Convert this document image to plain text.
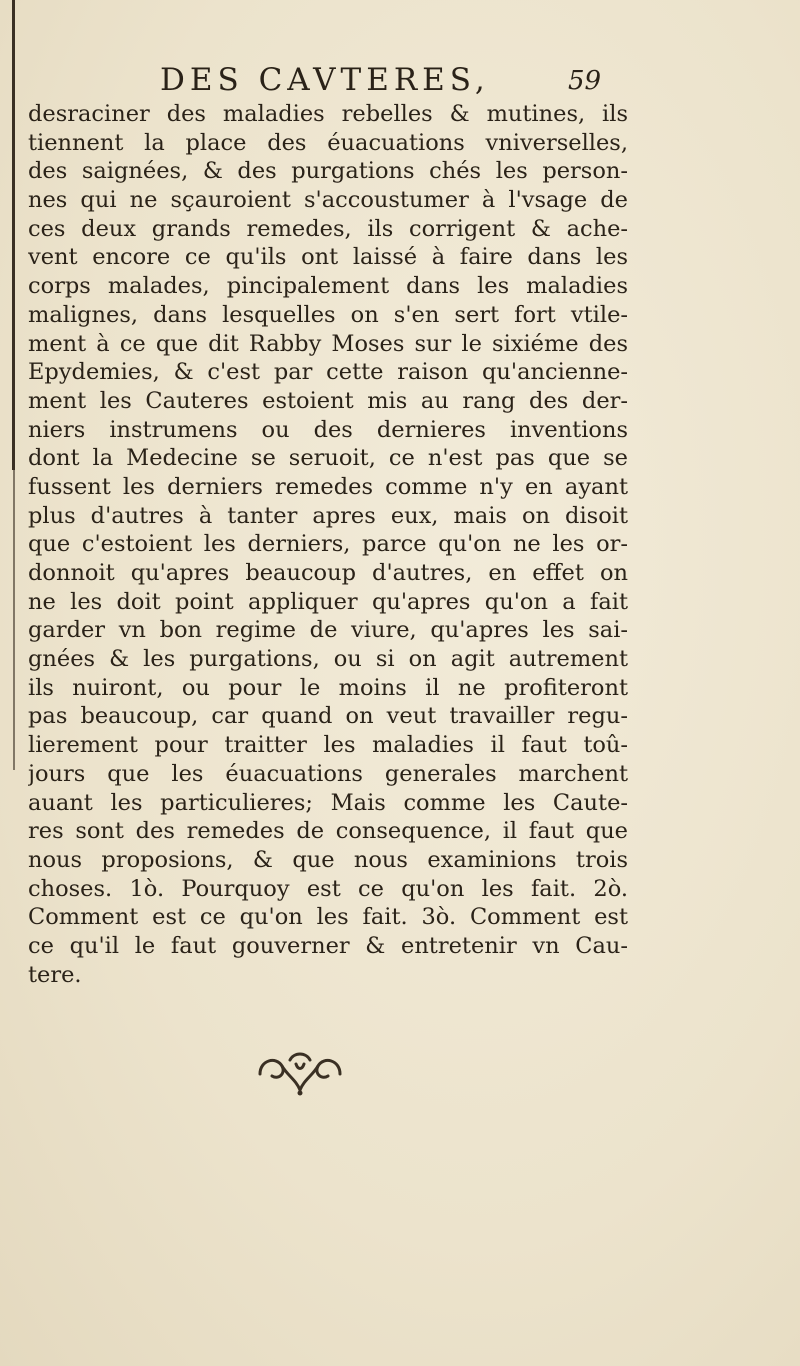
DES CAVTERES,	59
desraciner des maladies rebelles & mutines, ils
tiennent la place des éuacuations vniverselles,
des saignées, & des purgations chés les person-
nes qui ne sçauroient s'accoustumer à l'vsage de
ces deux grands remedes, ils corrigent & ache-
vent encore ce qu'ils ont laissé à faire dans les
corps malades, pincipalement dans les maladies
malignes, dans lesquelles on s'en sert fort vtile-
ment à ce que dit Rabby Moses sur le sixiéme des
Epydemies, & c'est par cette raison qu'ancienne-
ment les Cauteres estoient mis au rang des der-
niers instrumens ou des dernieres inventions
dont la Medecine se seruoit, ce n'est pas que se
fussent les derniers remedes comme n'y en ayant
plus d'autres à tanter apres eux, mais on disoit
que c'estoient les derniers, parce qu'on ne les or-
donnoit qu'apres beaucoup d'autres, en effet on
ne les doit point appliquer qu'apres qu'on a fait
garder vn bon regime de viure, qu'apres les sai-
gnées & les purgations, ou si on agit autrement
ils nuiront, ou pour le moins il ne profiteront
pas beaucoup, car quand on veut travailler regu-
lierement pour traitter les maladies il faut toû-
jours que les éuacuations generales marchent
auant les particulieres; Mais comme les Caute-
res sont des remedes de consequence, il faut que
nous proposions, & que nous examinions trois
choses. 1ò. Pourquoy est ce qu'on les fait. 2ò.
Comment est ce qu'on les fait. 3ò. Comment est
ce qu'il le faut gouverner & entretenir vn Cau-
tere.
